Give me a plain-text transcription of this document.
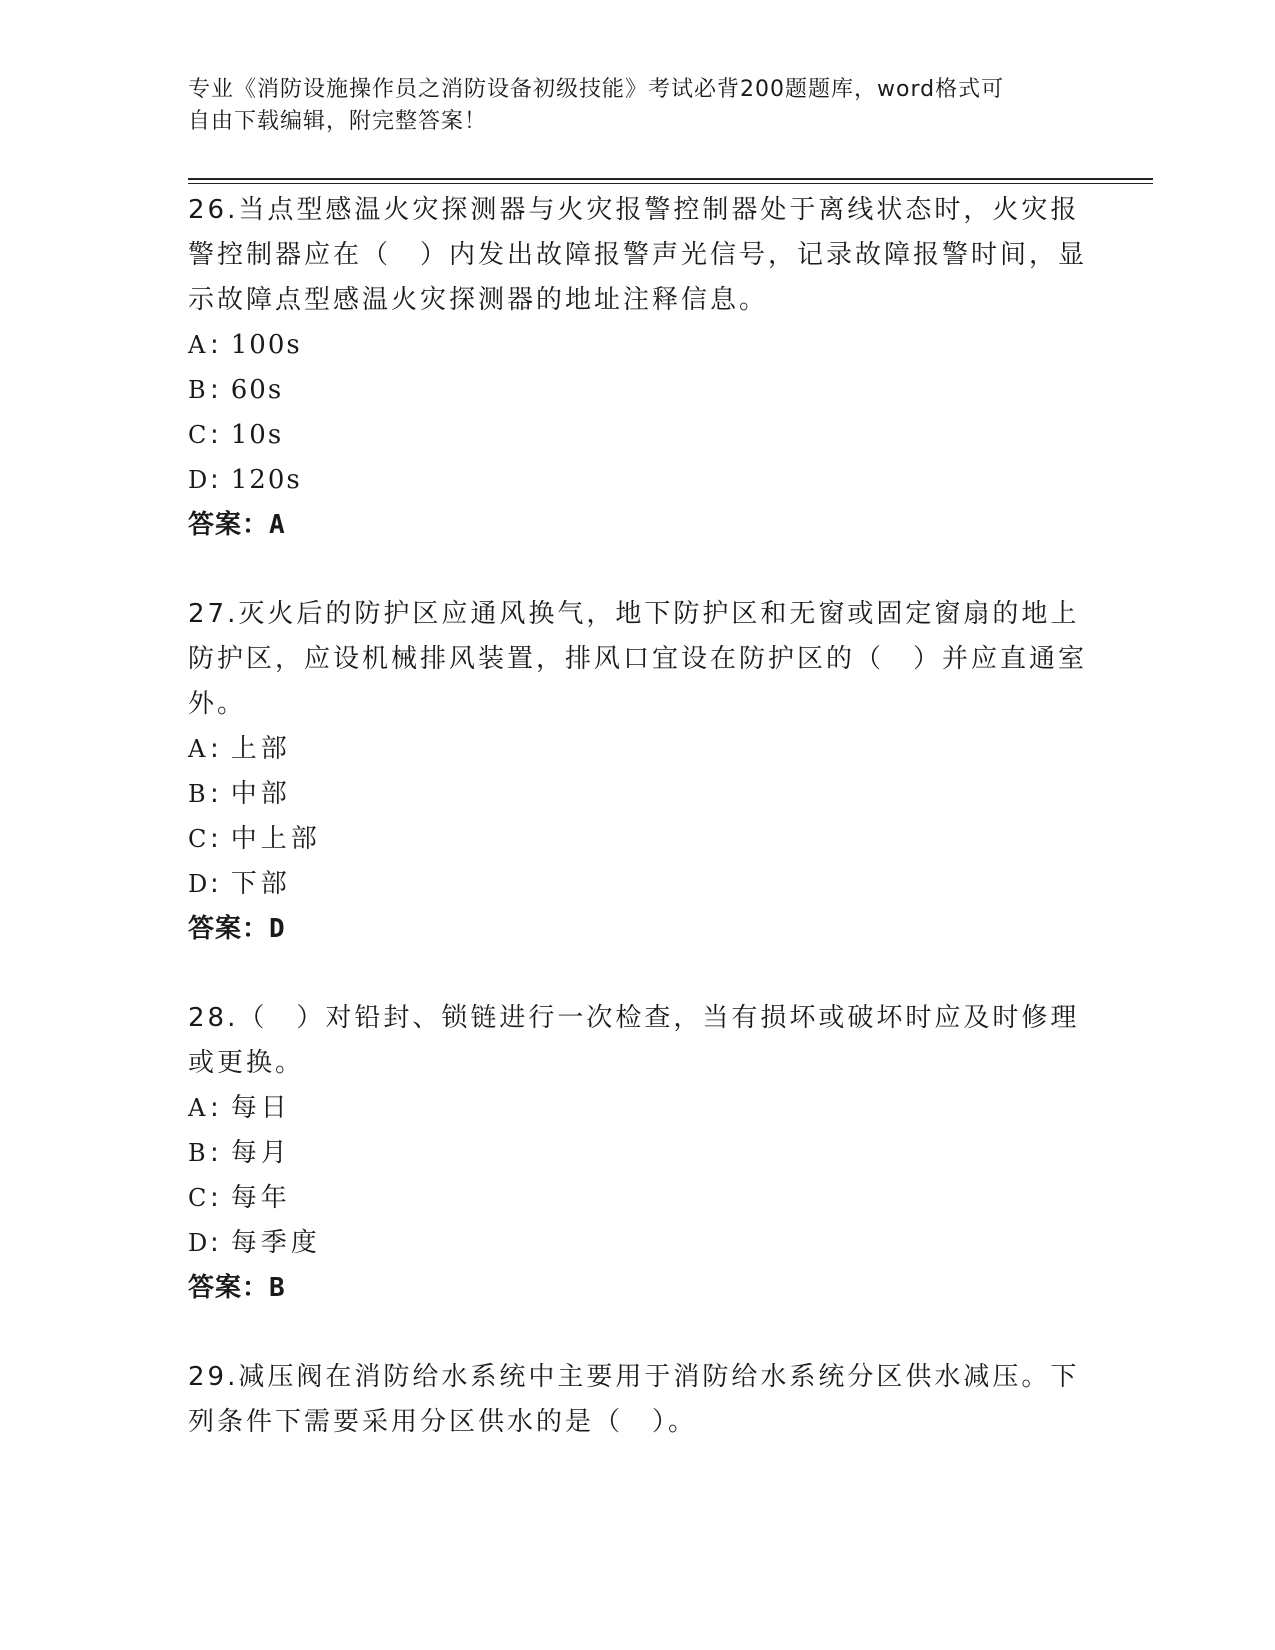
专业《消防设施操作员之消防设备初级技能》考试必背200题题库，word格式可
自由下载编辑，附完整答案！

26.当点型感温火灾探测器与火灾报警控制器处于离线状态时，火灾报警控制器应在（　）内发出故障报警声光信号，记录故障报警时间，显示故障点型感温火灾探测器的地址注释信息。

A : 100s
B: 60s
C: 10s
D: 120s
答案：A

27.灭火后的防护区应通风换气，地下防护区和无窗或固定窗扇的地上防护区，应设机械排风装置，排风口宜设在防护区的（　）并应直通室外。

A : 上部
B: 中部
C: 中上部
D: 下部
答案：D

28.（　）对铅封、锁链进行一次检查，当有损坏或破坏时应及时修理或更换。

A : 每日
B: 每月
C: 每年
D: 每季度
答案：B

29.减压阀在消防给水系统中主要用于消防给水系统分区供水减压。下列条件下需要采用分区供水的是（　）。
